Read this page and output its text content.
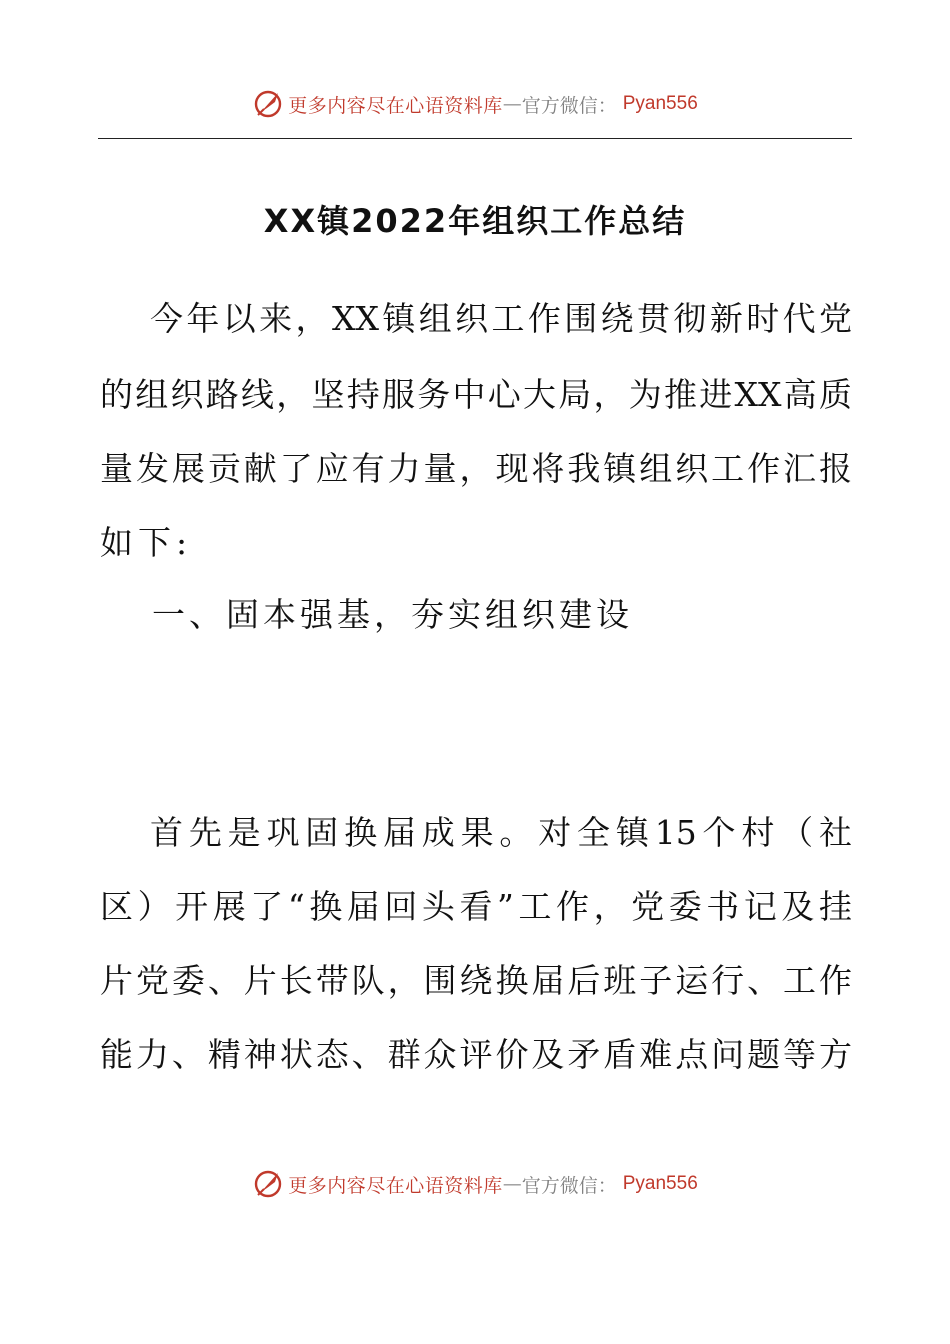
更多内容尽在心语资料库 — 官方微信： Pyan556
XX镇2022年组织工作总结
今年以来，XX镇组织工作围绕贯彻新时代党
的组织路线，坚持服务中心大局，为推进XX高质
量发展贡献了应有力量，现将我镇组织工作汇报
如下:
一、固本强基，夯实组织建设
首先是巩固换届成果。对全镇15个村（社
区）开展了“换届回头看”工作，党委书记及挂
片党委、片长带队，围绕换届后班子运行、工作
能力、精神状态、群众评价及矛盾难点问题等方
更多内容尽在心语资料库 — 官方微信： Pyan556
